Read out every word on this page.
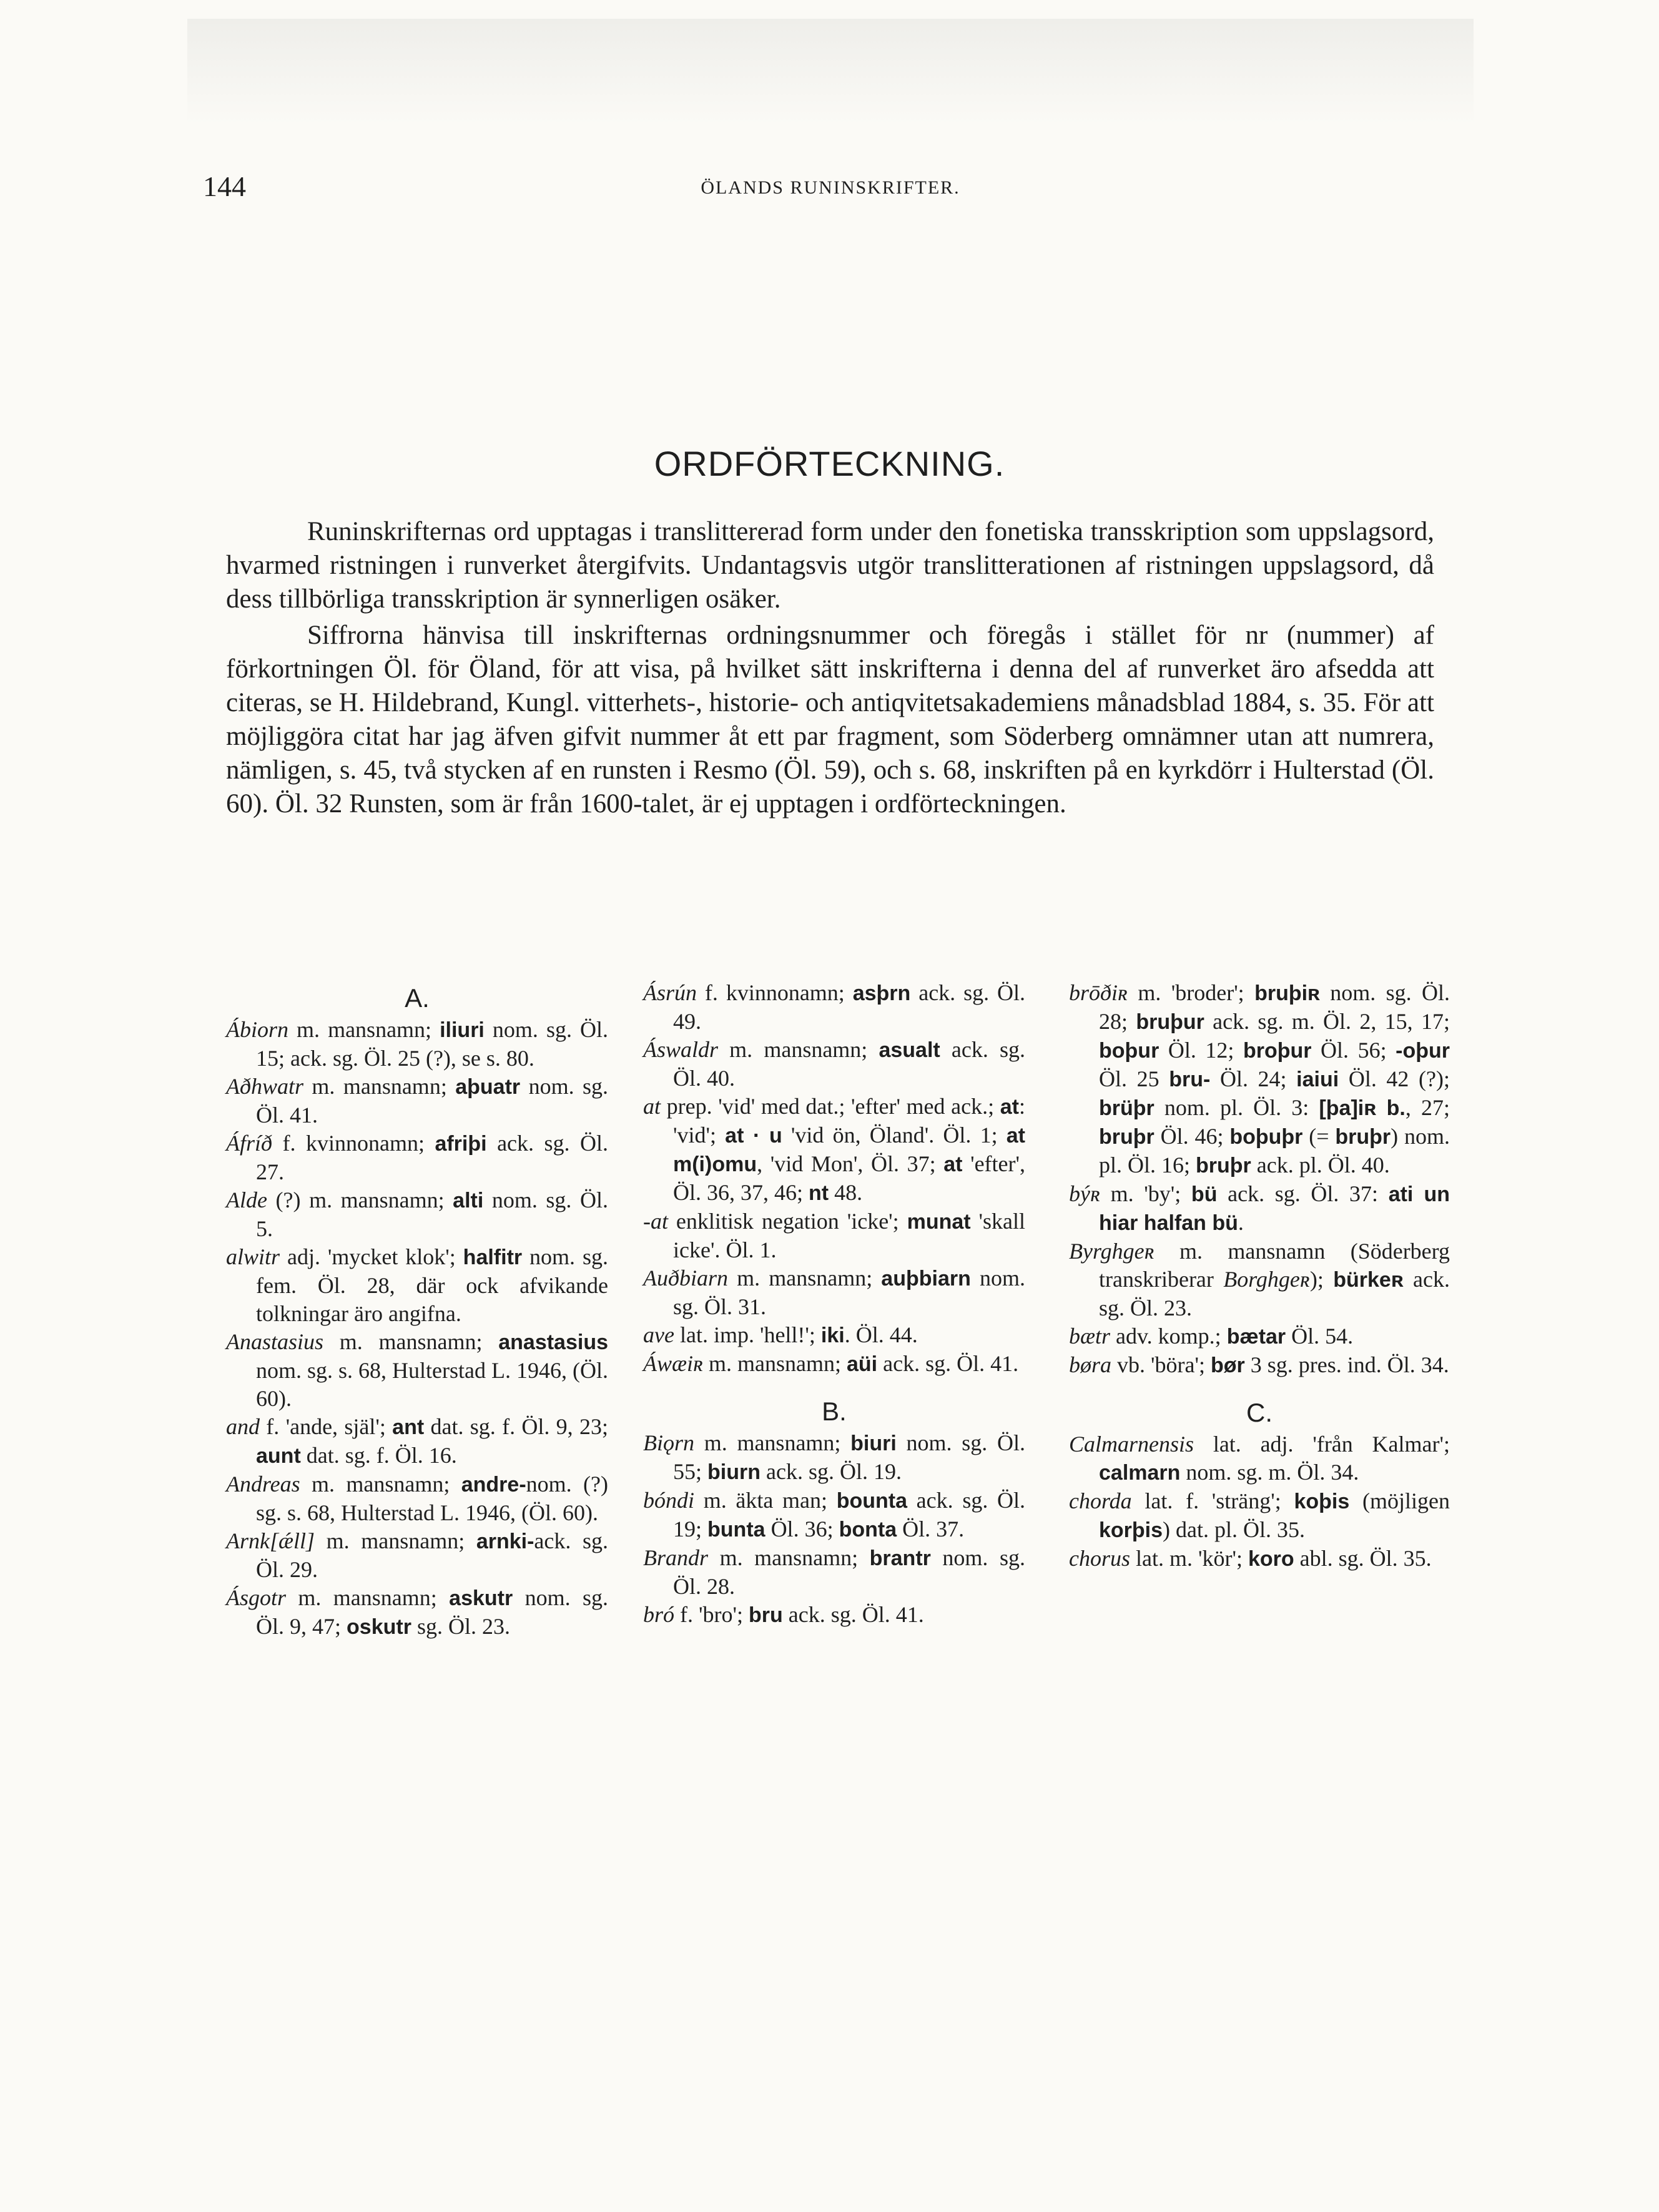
144	ÖLANDS RUNINSKRIFTER.
ORDFÖRTECKNING.

Runinskrifternas ord upptagas i translittererad form under den fonetiska transskription som uppslagsord, hvarmed ristningen i runverket återgifvits. Undantagsvis utgör translitterationen af ristningen uppslagsord, då dess tillbörliga transskription är synnerligen osäker.

Siffrorna hänvisa till inskrifternas ordningsnummer och föregås i stället för nr (nummer) af förkortningen Öl. för Öland, för att visa, på hvilket sätt inskrifterna i denna del af runverket äro afsedda att citeras, se H. Hildebrand, Kungl. vitterhets-, historie- och antiqvitetsakademiens månadsblad 1884, s. 35. För att möjliggöra citat har jag äfven gifvit nummer åt ett par fragment, som Söderberg omnämner utan att numrera, nämligen, s. 45, två stycken af en runsten i Resmo (Öl. 59), och s. 68, inskriften på en kyrkdörr i Hulterstad (Öl. 60). Öl. 32 Runsten, som är från 1600-talet, är ej upptagen i ordförteckningen.

A.
Ábiorn m. mansnamn; iliuri nom. sg. Öl. 15; ack. sg. Öl. 25 (?), se s. 80.
Aðhwatr m. mansnamn; aþuatr nom. sg. Öl. 41.
Áfríð f. kvinnonamn; afriþi ack. sg. Öl. 27.
Alde (?) m. mansnamn; alti nom. sg. Öl. 5.
alwitr adj. 'mycket klok'; halfitr nom. sg. fem. Öl. 28, där ock afvikande tolkningar äro angifna.
Anastasius m. mansnamn; anastasius nom. sg. s. 68, Hulterstad L. 1946, (Öl. 60).
and f. 'ande, själ'; ant dat. sg. f. Öl. 9, 23; aunt dat. sg. f. Öl. 16.
Andreas m. mansnamn; andre-nom. (?) sg. s. 68, Hulterstad L. 1946, (Öl. 60).
Arnk[ǽll] m. mansnamn; arnki-ack. sg. Öl. 29.
Ásgotr m. mansnamn; askutr nom. sg. Öl. 9, 47; oskutr sg. Öl. 23.
Ásrún f. kvinnonamn; asþrn ack. sg. Öl. 49.
Áswaldr m. mansnamn; asualt ack. sg. Öl. 40.
at prep. 'vid' med dat.; 'efter' med ack.; at: 'vid'; at · u 'vid ön, Öland'. Öl. 1; at m(i)omu, 'vid Mon', Öl. 37; at 'efter', Öl. 36, 37, 46; nt 48.
-at enklitisk negation 'icke'; munat 'skall icke'. Öl. 1.
Auðbiarn m. mansnamn; auþbiarn nom. sg. Öl. 31.
ave lat. imp. 'hell!'; iki. Öl. 44.
Áwæiʀ m. mansnamn; aüi ack. sg. Öl. 41.
B.
Biǫrn m. mansnamn; biuri nom. sg. Öl. 55; biurn ack. sg. Öl. 19.
bóndi m. äkta man; bounta ack. sg. Öl. 19; bunta Öl. 36; bonta Öl. 37.
Brandr m. mansnamn; brantr nom. sg. Öl. 28.
bró f. 'bro'; bru ack. sg. Öl. 41.
brōðiʀ m. 'broder'; bruþiʀ nom. sg. Öl. 28; bruþur ack. sg. m. Öl. 2, 15, 17; boþur Öl. 12; broþur Öl. 56; -oþur Öl. 25 bru- Öl. 24; iaiui Öl. 42 (?); brüþr nom. pl. Öl. 3: [þa]iʀ b., 27; bruþr Öl. 46; boþuþr (= bruþr) nom. pl. Öl. 16; bruþr ack. pl. Öl. 40.
býʀ m. 'by'; bü ack. sg. Öl. 37: ati un hiar halfan bü.
Byrghgeʀ m. mansnamn (Söderberg transkriberar Borghgeʀ); bürkeʀ ack. sg. Öl. 23.
bætr adv. komp.; bætar Öl. 54.
børa vb. 'böra'; bør 3 sg. pres. ind. Öl. 34.
C.
Calmarnensis lat. adj. 'från Kalmar'; calmarn nom. sg. m. Öl. 34.
chorda lat. f. 'sträng'; koþis (möjligen korþis) dat. pl. Öl. 35.
chorus lat. m. 'kör'; koro abl. sg. Öl. 35.
